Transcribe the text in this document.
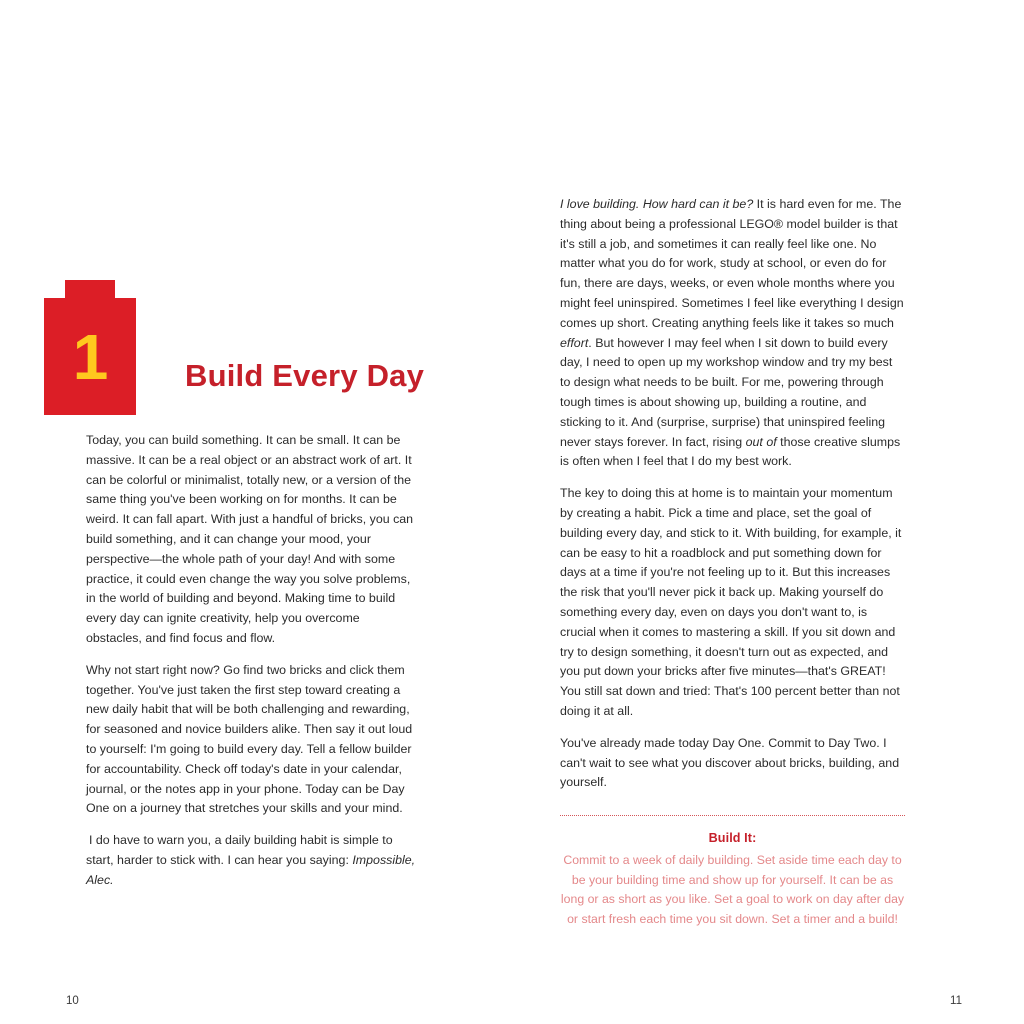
1	Build Every Day

Today, you can build something. It can be small. It can be massive. It can be a real object or an abstract work of art. It can be colorful or minimalist, totally new, or a version of the same thing you've been working on for months. It can be weird. It can fall apart. With just a handful of bricks, you can build something, and it can change your mood, your perspective—the whole path of your day! And with some practice, it could even change the way you solve problems, in the world of building and beyond. Making time to build every day can ignite creativity, help you overcome obstacles, and find focus and flow.

Why not start right now? Go find two bricks and click them together. You've just taken the first step toward creating a new daily habit that will be both challenging and rewarding, for seasoned and novice builders alike. Then say it out loud to yourself: I'm going to build every day. Tell a fellow builder for accountability. Check off today's date in your calendar, journal, or the notes app in your phone. Today can be Day One on a journey that stretches your skills and your mind.

I do have to warn you, a daily building habit is simple to start, harder to stick with. I can hear you saying: Impossible, Alec.

10

I love building. How hard can it be? It is hard even for me. The thing about being a professional LEGO® model builder is that it's still a job, and sometimes it can really feel like one. No matter what you do for work, study at school, or even do for fun, there are days, weeks, or even whole months where you might feel uninspired. Sometimes I feel like everything I design comes up short. Creating anything feels like it takes so much effort. But however I may feel when I sit down to build every day, I need to open up my workshop window and try my best to design what needs to be built. For me, powering through tough times is about showing up, building a routine, and sticking to it. And (surprise, surprise) that uninspired feeling never stays forever. In fact, rising out of those creative slumps is often when I feel that I do my best work.

The key to doing this at home is to maintain your momentum by creating a habit. Pick a time and place, set the goal of building every day, and stick to it. With building, for example, it can be easy to hit a roadblock and put something down for days at a time if you're not feeling up to it. But this increases the risk that you'll never pick it back up. Making yourself do something every day, even on days you don't want to, is crucial when it comes to mastering a skill. If you sit down and try to design something, it doesn't turn out as expected, and you put down your bricks after five minutes—that's GREAT! You still sat down and tried: That's 100 percent better than not doing it at all.

You've already made today Day One. Commit to Day Two. I can't wait to see what you discover about bricks, building, and yourself.

Build It:

Commit to a week of daily building. Set aside time each day to be your building time and show up for yourself. It can be as long or as short as you like. Set a goal to work on day after day or start fresh each time you sit down. Set a timer and a build!

11
